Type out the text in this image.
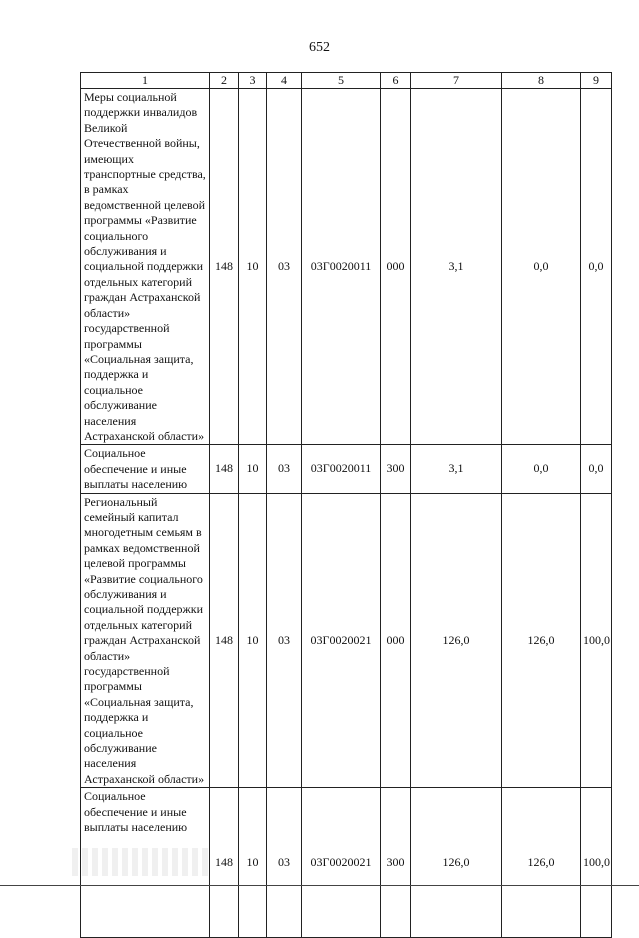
652
1	2	3	4	5	6	7	8	9
Меры социальной поддержки инвалидов Великой Отечественной войны, имеющих транспортные средства, в рамках ведомственной целевой программы «Развитие социального обслуживания и социальной поддержки отдельных категорий граждан Астраханской области» государственной программы «Социальная защита, поддержка и социальное обслуживание населения Астраханской области»	148	10	03	03Г0020011	000	3,1	0,0	0,0
Социальное обеспечение и иные выплаты населению	148	10	03	03Г0020011	300	3,1	0,0	0,0
Региональный семейный капитал многодетным семьям в рамках ведомственной целевой программы «Развитие социального обслуживания и социальной поддержки отдельных категорий граждан Астраханской области» государственной программы «Социальная защита, поддержка и социальное обслуживание населения Астраханской области»	148	10	03	03Г0020021	000	126,0	126,0	100,0
Социальное обеспечение и иные выплаты населению	148	10	03	03Г0020021	300	126,0	126,0	100,0
